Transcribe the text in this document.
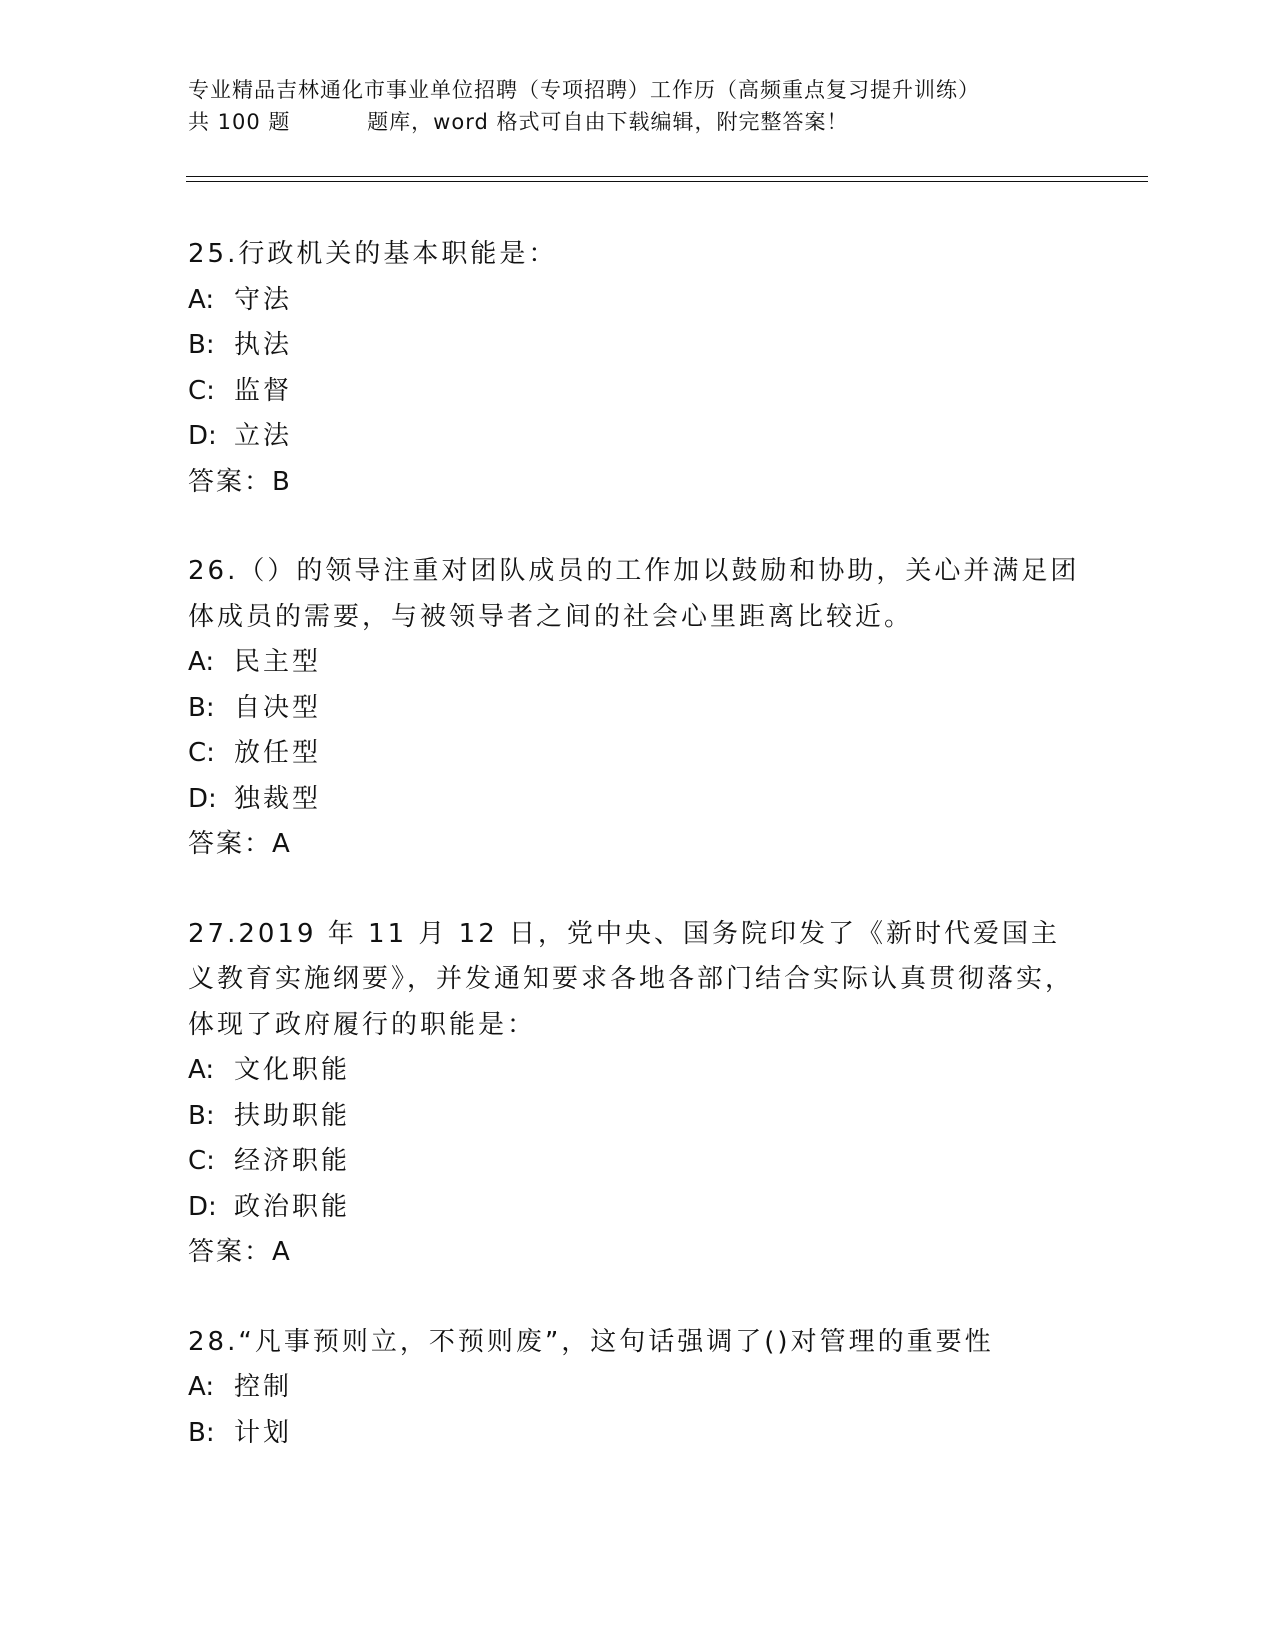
专业精品吉林通化市事业单位招聘（专项招聘）工作历（高频重点复习提升训练）
共 100 题          题库，word 格式可自由下载编辑，附完整答案！

25.行政机关的基本职能是：

A: 守法

B: 执法

C: 监督

D: 立法

答案：B

26.（）的领导注重对团队成员的工作加以鼓励和协助，关心并满足团体成员的需要，与被领导者之间的社会心里距离比较近。

A: 民主型

B: 自决型

C: 放任型

D: 独裁型

答案：A

27.2019 年 11 月 12 日，党中央、国务院印发了《新时代爱国主义教育实施纲要》，并发通知要求各地各部门结合实际认真贯彻落实，体现了政府履行的职能是：

A: 文化职能

B: 扶助职能

C: 经济职能

D: 政治职能

答案：A

28.“凡事预则立，不预则废”，这句话强调了()对管理的重要性

A: 控制

B: 计划
